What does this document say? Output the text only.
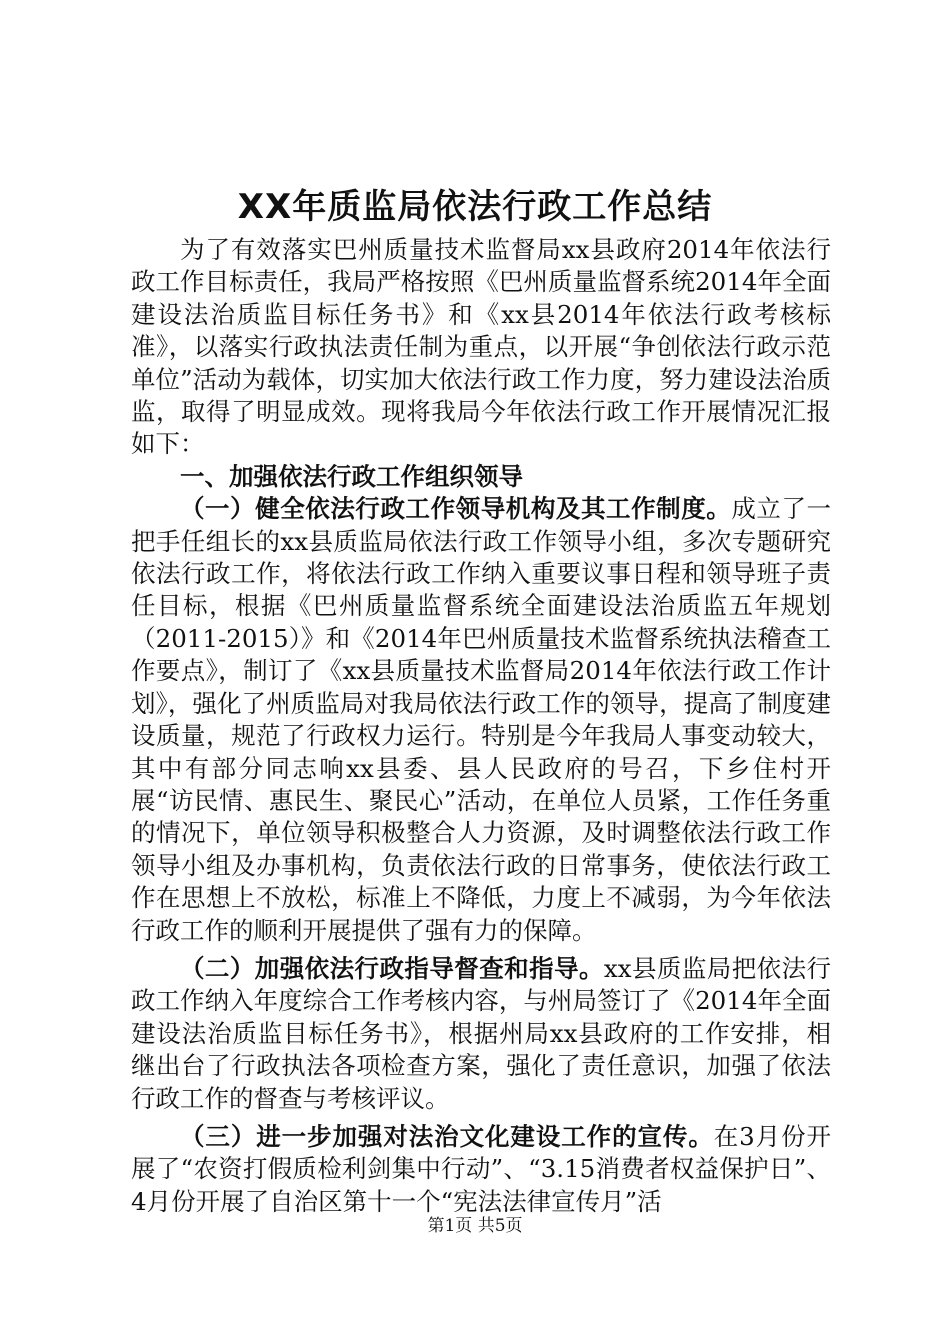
XX年质监局依法行政工作总结

为了有效落实巴州质量技术监督局xx县政府2014年依法行政工作目标责任，我局严格按照《巴州质量监督系统2014年全面建设法治质监目标任务书》和《xx县2014年依法行政考核标准》，以落实行政执法责任制为重点，以开展“争创依法行政示范单位”活动为载体，切实加大依法行政工作力度，努力建设法治质监，取得了明显成效。现将我局今年依法行政工作开展情况汇报如下：

一、加强依法行政工作组织领导

（一）健全依法行政工作领导机构及其工作制度。成立了一把手任组长的xx县质监局依法行政工作领导小组，多次专题研究依法行政工作，将依法行政工作纳入重要议事日程和领导班子责任目标，根据《巴州质量监督系统全面建设法治质监五年规划（2011-2015）》和《2014年巴州质量技术监督系统执法稽查工作要点》，制订了《xx县质量技术监督局2014年依法行政工作计划》，强化了州质监局对我局依法行政工作的领导，提高了制度建设质量，规范了行政权力运行。特别是今年我局人事变动较大，其中有部分同志响xx县委、县人民政府的号召，下乡住村开展“访民情、惠民生、聚民心”活动，在单位人员紧，工作任务重的情况下，单位领导积极整合人力资源，及时调整依法行政工作领导小组及办事机构，负责依法行政的日常事务，使依法行政工作在思想上不放松，标准上不降低，力度上不减弱，为今年依法行政工作的顺利开展提供了强有力的保障。

（二）加强依法行政指导督查和指导。xx县质监局把依法行政工作纳入年度综合工作考核内容，与州局签订了《2014年全面建设法治质监目标任务书》，根据州局xx县政府的工作安排，相继出台了行政执法各项检查方案，强化了责任意识，加强了依法行政工作的督查与考核评议。

（三）进一步加强对法治文化建设工作的宣传。在3月份开展了“农资打假质检利剑集中行动”、“3.15消费者权益保护日”、4月份开展了自治区第十一个“宪法法律宣传月”活

第1页 共5页
